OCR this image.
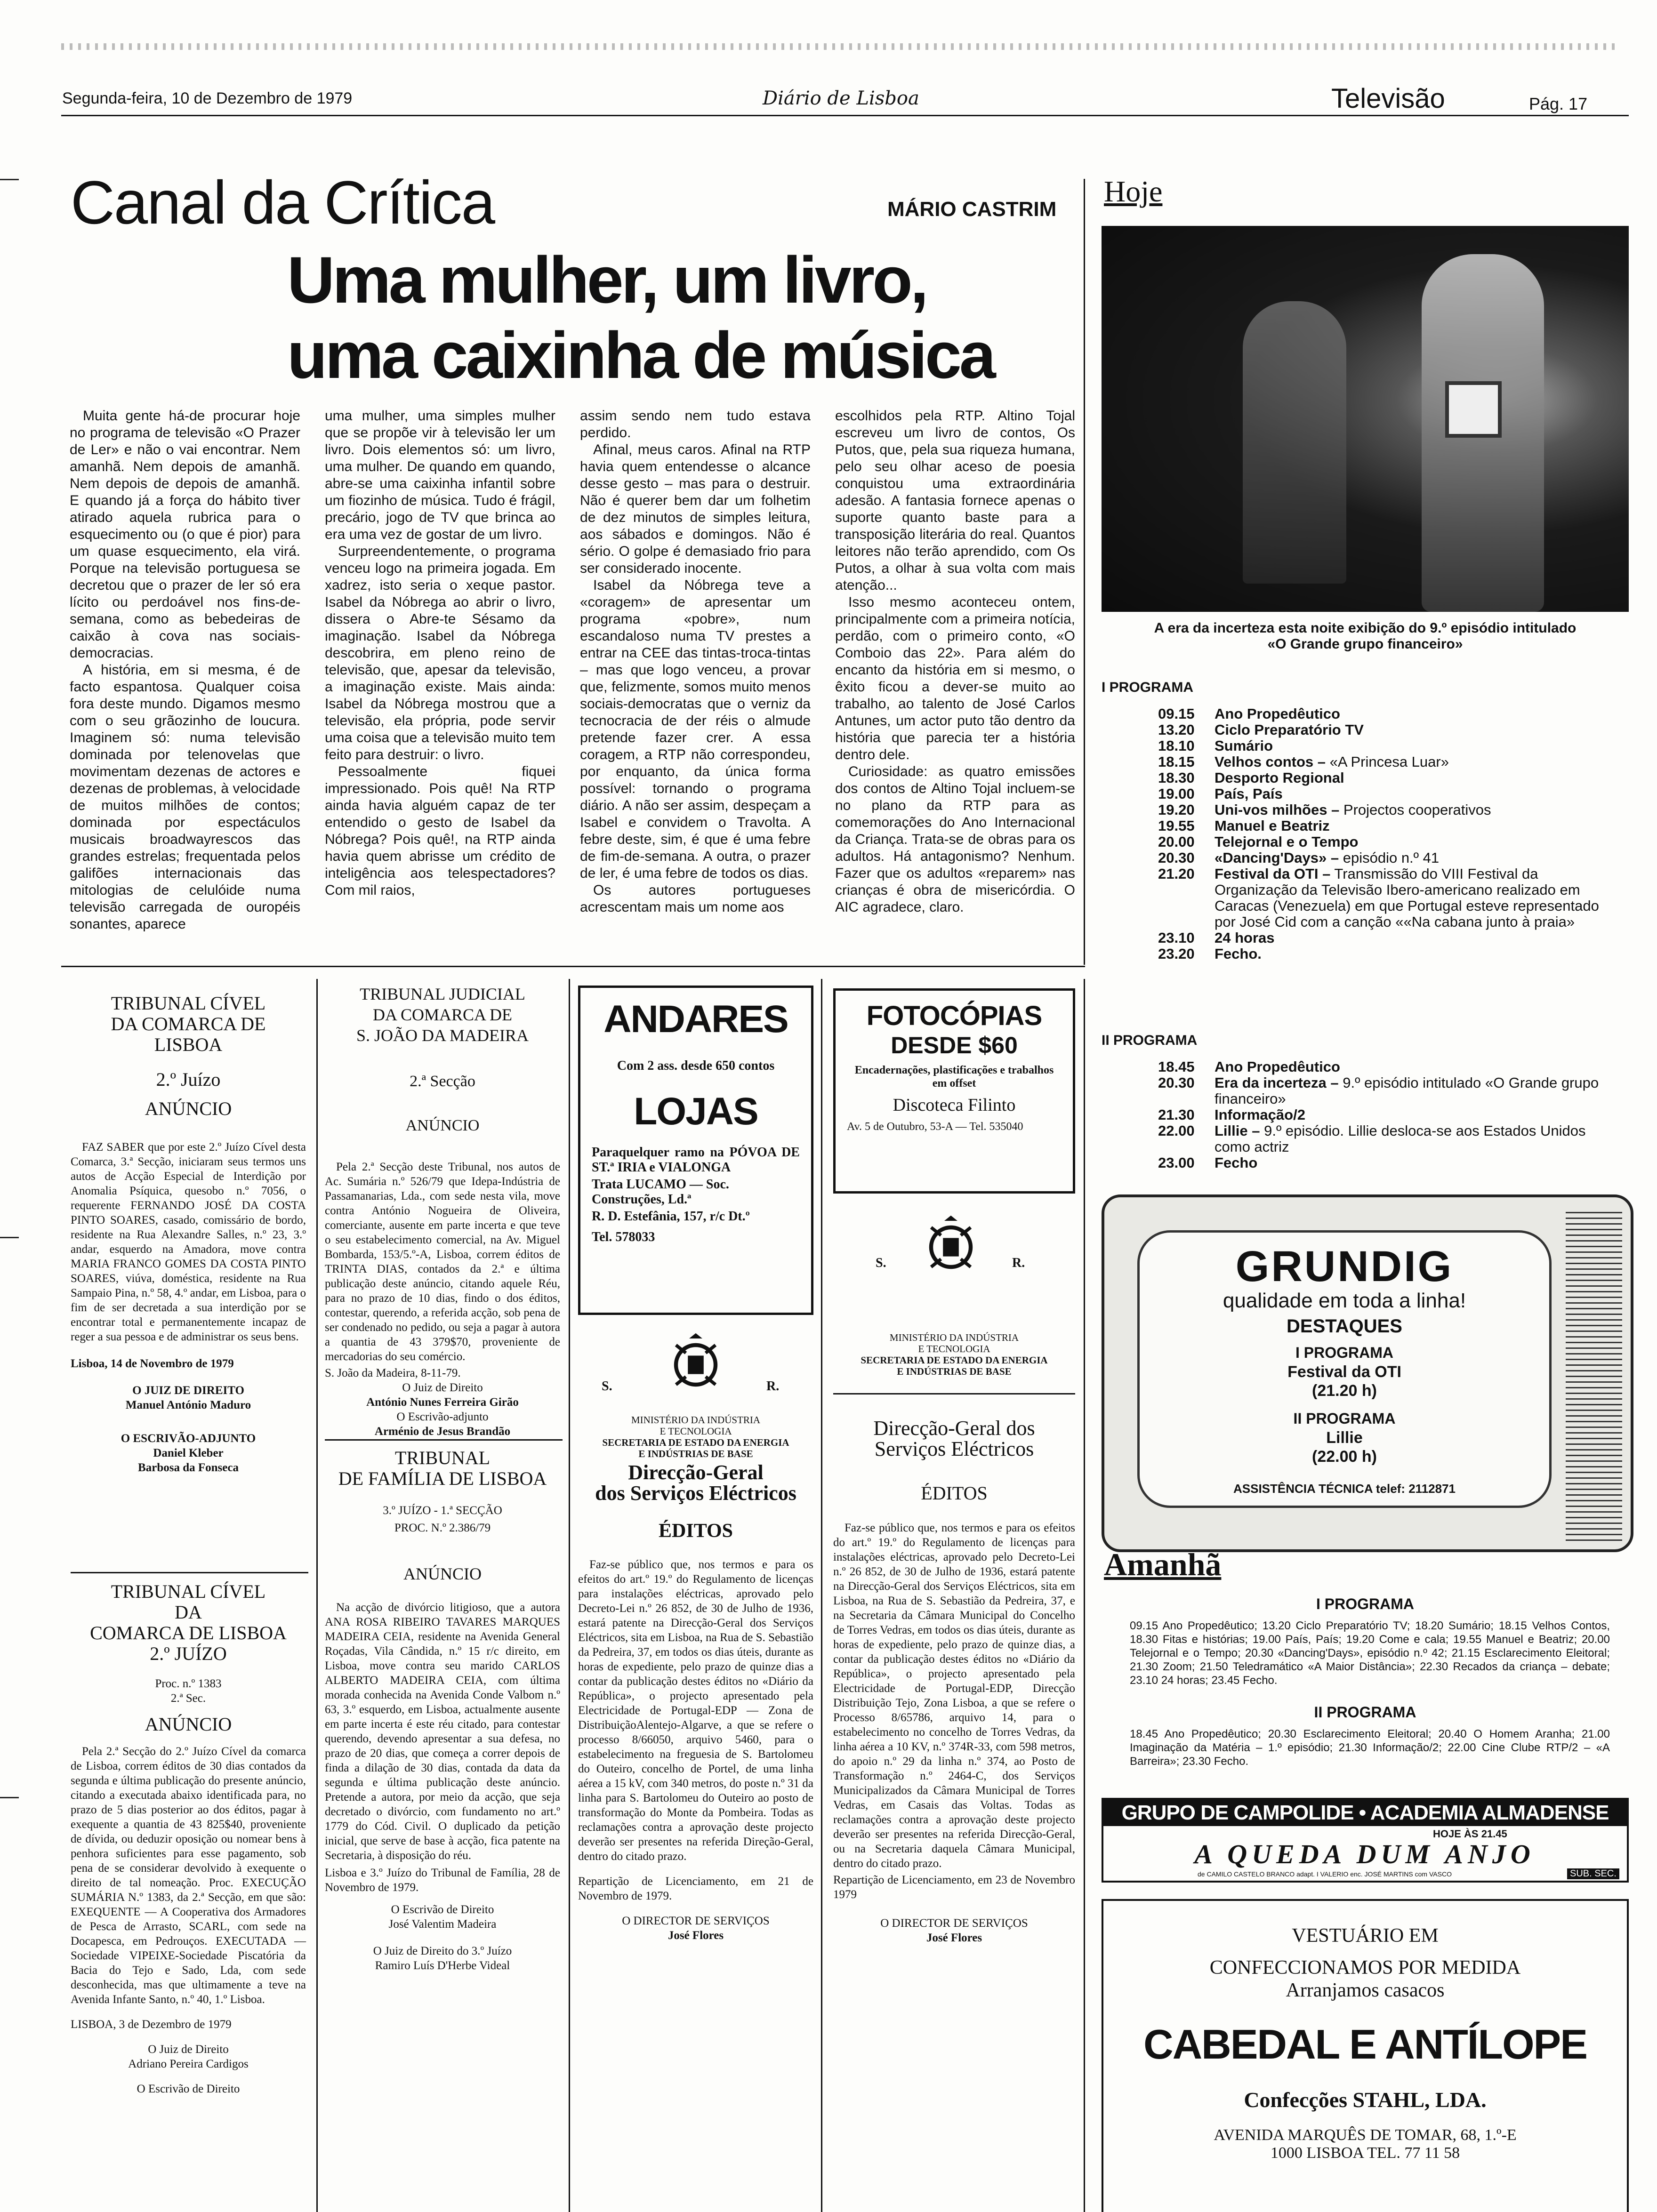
Segunda-feira, 10 de Dezembro de 1979	Diário de Lisboa	Televisão	Pág. 17
Canal da Crítica	MÁRIO CASTRIM
Uma mulher, um livro,
uma caixinha de música

Muita gente há-de procurar hoje no programa de televisão «O Prazer de Ler» e não o vai encontrar. Nem amanhã. Nem depois de amanhã. Nem depois de depois de amanhã. E quando já a força do hábito tiver atirado aquela rubrica para o esquecimento ou (o que é pior) para um quase esquecimento, ela virá. Porque na televisão portuguesa se decretou que o prazer de ler só era lícito ou perdoável nos fins-de-semana, como as bebedeiras de caixão à cova nas sociais-democracias.

A história, em si mesma, é de facto espantosa. Qualquer coisa fora deste mundo. Digamos mesmo com o seu grãozinho de loucura. Imaginem só: numa televisão dominada por telenovelas que movimentam dezenas de actores e dezenas de problemas, à velocidade de muitos milhões de contos; dominada por espectáculos musicais broadwayrescos das grandes estrelas; frequentada pelos galifões internacionais das mitologias de celulóide numa televisão carregada de ouropéis sonantes, aparece

uma mulher, uma simples mulher que se propõe vir à televisão ler um livro. Dois elementos só: um livro, uma mulher. De quando em quando, abre-se uma caixinha infantil sobre um fiozinho de música. Tudo é frágil, precário, jogo de TV que brinca ao era uma vez de gostar de um livro.

Surpreendentemente, o programa venceu logo na primeira jogada. Em xadrez, isto seria o xeque pastor. Isabel da Nóbrega ao abrir o livro, dissera o Abre-te Sésamo da imaginação. Isabel da Nóbrega descobrira, em pleno reino de televisão, que, apesar da televisão, a imaginação existe. Mais ainda: Isabel da Nóbrega mostrou que a televisão, ela própria, pode servir uma coisa que a televisão muito tem feito para destruir: o livro.

Pessoalmente fiquei impressionado. Pois quê! Na RTP ainda havia alguém capaz de ter entendido o gesto de Isabel da Nóbrega? Pois quê!, na RTP ainda havia quem abrisse um crédito de inteligência aos telespectadores? Com mil raios,

assim sendo nem tudo estava perdido.

Afinal, meus caros. Afinal na RTP havia quem entendesse o alcance desse gesto – mas para o destruir. Não é querer bem dar um folhetim de dez minutos de simples leitura, aos sábados e domingos. Não é sério. O golpe é demasiado frio para ser considerado inocente.

Isabel da Nóbrega teve a «coragem» de apresentar um programa «pobre», num escandaloso numa TV prestes a entrar na CEE das tintas-troca-tintas – mas que logo venceu, a provar que, felizmente, somos muito menos sociais-democratas que o verniz da tecnocracia de der réis o almude pretende fazer crer. A essa coragem, a RTP não correspondeu, por enquanto, da única forma possível: tornando o programa diário. A não ser assim, despeçam a Isabel e convidem o Travolta. A febre deste, sim, é que é uma febre de fim-de-semana. A outra, o prazer de ler, é uma febre de todos os dias.

Os autores portugueses acrescentam mais um nome aos

escolhidos pela RTP. Altino Tojal escreveu um livro de contos, Os Putos, que, pela sua riqueza humana, pelo seu olhar aceso de poesia conquistou uma extraordinária adesão. A fantasia fornece apenas o suporte quanto baste para a transposição literária do real. Quantos leitores não terão aprendido, com Os Putos, a olhar à sua volta com mais atenção...

Isso mesmo aconteceu ontem, principalmente com a primeira notícia, perdão, com o primeiro conto, «O Comboio das 22». Para além do encanto da história em si mesmo, o êxito ficou a dever-se muito ao trabalho, ao talento de José Carlos Antunes, um actor puto tão dentro da história que parecia ter a história dentro dele.

Curiosidade: as quatro emissões dos contos de Altino Tojal incluem-se no plano da RTP para as comemorações do Ano Internacional da Criança. Trata-se de obras para os adultos. Há antagonismo? Nenhum. Fazer que os adultos «reparem» nas crianças é obra de misericórdia. O AIC agradece, claro.

Hoje
A era da incerteza esta noite exibição do 9.º episódio intitulado
«O Grande grupo financeiro»
I PROGRAMA
09.15	Ano Propedêutico
13.20	Ciclo Preparatório TV
18.10	Sumário
18.15	Velhos contos – «A Princesa Luar»
18.30	Desporto Regional
19.00	País, País
19.20	Uni-vos milhões – Projectos cooperativos
19.55	Manuel e Beatriz
20.00	Telejornal e o Tempo
20.30	«Dancing'Days» – episódio n.º 41
21.20	Festival da OTI – Transmissão do VIII Festival da Organização da Televisão Ibero-americano realizado em Caracas (Venezuela) em que Portugal esteve representado por José Cid com a canção ««Na cabana junto à praia»
23.10	24 horas
23.20	Fecho.
II PROGRAMA
18.45	Ano Propedêutico
20.30	Era da incerteza – 9.º episódio intitulado «O Grande grupo financeiro»
21.30	Informação/2
22.00	Lillie – 9.º episódio. Lillie desloca-se aos Estados Unidos como actriz
23.00	Fecho
GRUNDIG
qualidade em toda a linha!
DESTAQUES
I PROGRAMA
Festival da OTI
(21.20 h)
II PROGRAMA
Lillie
(22.00 h)
ASSISTÊNCIA TÉCNICA telef: 2112871
Amanhã
I PROGRAMA
09.15 Ano Propedêutico; 13.20 Ciclo Preparatório TV; 18.20 Sumário; 18.15 Velhos Contos, 18.30 Fitas e histórias; 19.00 País, País; 19.20 Come e cala; 19.55 Manuel e Beatriz; 20.00 Telejornal e o Tempo; 20.30 «Dancing'Days», episódio n.º 42; 21.15 Esclarecimento Eleitoral; 21.30 Zoom; 21.50 Teledramático «A Maior Distância»; 22.30 Recados da criança – debate; 23.10 24 horas; 23.45 Fecho.
II PROGRAMA
18.45 Ano Propedêutico; 20.30 Esclarecimento Eleitoral; 20.40 O Homem Aranha; 21.00 Imaginação da Matéria – 1.º episódio; 21.30 Informação/2; 22.00 Cine Clube RTP/2 – «A Barreira»; 23.30 Fecho.
GRUPO DE CAMPOLIDE • ACADEMIA ALMADENSE
HOJE ÀS 21.45
A QUEDA DUM ANJO
de CAMILO CASTELO BRANCO adapt. I VALERIO enc. JOSÉ MARTINS com VASCO	SUB. SEC.
VESTUÁRIO EM
CONFECCIONAMOS POR MEDIDA
Arranjamos casacos
CABEDAL E ANTÍLOPE
Confecções STAHL, LDA.
AVENIDA MARQUÊS DE TOMAR, 68, 1.º-E
1000 LISBOA TEL. 77 11 58
TRIBUNAL CÍVEL
DA COMARCA DE LISBOA
2.º Juízo
ANÚNCIO

FAZ SABER que por este 2.º Juízo Cível desta Comarca, 3.ª Secção, iniciaram seus termos uns autos de Acção Especial de Interdição por Anomalia Psíquica, quesobo n.º 7056, o requerente FERNANDO JOSÉ DA COSTA PINTO SOARES, casado, comissário de bordo, residente na Rua Alexandre Salles, n.º 23, 3.º andar, esquerdo na Amadora, move contra MARIA FRANCO GOMES DA COSTA PINTO SOARES, viúva, doméstica, residente na Rua Sampaio Pina, n.º 58, 4.º andar, em Lisboa, para o fim de ser decretada a sua interdição por se encontrar total e permanentemente incapaz de reger a sua pessoa e de administrar os seus bens.

Lisboa, 14 de Novembro de 1979
O JUIZ DE DIREITO
Manuel António Maduro
O ESCRIVÃO-ADJUNTO
Daniel Kleber
Barbosa da Fonseca
TRIBUNAL CÍVEL
DA
COMARCA DE LISBOA
2.º JUÍZO
Proc. n.º 1383
2.ª Sec.
ANÚNCIO

Pela 2.ª Secção do 2.º Juízo Cível da comarca de Lisboa, correm éditos de 30 dias contados da segunda e última publicação do presente anúncio, citando a executada abaixo identificada para, no prazo de 5 dias posterior ao dos éditos, pagar à exequente a quantia de 43 825$40, proveniente de dívida, ou deduzir oposição ou nomear bens à penhora suficientes para esse pagamento, sob pena de se considerar devolvido à exequente o direito de tal nomeação. Proc. EXECUÇÃO SUMÁRIA N.º 1383, da 2.ª Secção, em que são: EXEQUENTE — A Cooperativa dos Armadores de Pesca de Arrasto, SCARL, com sede na Docapesca, em Pedrouços. EXECUTADA — Sociedade VIPEIXE-Sociedade Piscatória da Bacia do Tejo e Sado, Lda, com sede desconhecida, mas que ultimamente a teve na Avenida Infante Santo, n.º 40, 1.º Lisboa.

LISBOA, 3 de Dezembro de 1979
O Juiz de Direito
Adriano Pereira Cardigos
O Escrivão de Direito
TRIBUNAL JUDICIAL
DA COMARCA DE
S. JOÃO DA MADEIRA
2.ª Secção
ANÚNCIO

Pela 2.ª Secção deste Tribunal, nos autos de Ac. Sumária n.º 526/79 que Idepa-Indústria de Passamanarias, Lda., com sede nesta vila, move contra António Nogueira de Oliveira, comerciante, ausente em parte incerta e que teve o seu estabelecimento comercial, na Av. Miguel Bombarda, 153/5.º-A, Lisboa, correm éditos de TRINTA DIAS, contados da 2.ª e última publicação deste anúncio, citando aquele Réu, para no prazo de 10 dias, findo o dos éditos, contestar, querendo, a referida acção, sob pena de ser condenado no pedido, ou seja a pagar à autora a quantia de 43 379$70, proveniente de mercadorias do seu comércio.

S. João da Madeira, 8-11-79.
O Juiz de Direito
António Nunes Ferreira Girão
O Escrivão-adjunto
Arménio de Jesus Brandão
TRIBUNAL
DE FAMÍLIA DE LISBOA
3.º JUÍZO - 1.ª SECÇÃO
PROC. N.º 2.386/79
ANÚNCIO

Na acção de divórcio litigioso, que a autora ANA ROSA RIBEIRO TAVARES MARQUES MADEIRA CEIA, residente na Avenida General Roçadas, Vila Cândida, n.º 15 r/c direito, em Lisboa, move contra seu marido CARLOS ALBERTO MADEIRA CEIA, com última morada conhecida na Avenida Conde Valbom n.º 63, 3.º esquerdo, em Lisboa, actualmente ausente em parte incerta é este réu citado, para contestar querendo, devendo apresentar a sua defesa, no prazo de 20 dias, que começa a correr depois de finda a dilação de 30 dias, contada da data da segunda e última publicação deste anúncio. Pretende a autora, por meio da acção, que seja decretado o divórcio, com fundamento no art.º 1779 do Cód. Civil. O duplicado da petição inicial, que serve de base à acção, fica patente na Secretaria, à disposição do réu.

Lisboa e 3.º Juízo do Tribunal de Família, 28 de Novembro de 1979.
O Escrivão de Direito
José Valentim Madeira
O Juiz de Direito do 3.º Juízo
Ramiro Luís D'Herbe Videal
ANDARES
Com 2 ass. desde 650 contos
LOJAS
Paraquelquer ramo na PÓVOA DE ST.ª IRIA e VIALONGA
Trata LUCAMO — Soc. Construções, Ld.ª
R. D. Estefânia, 157, r/c Dt.º
Tel. 578033
S.	R.
MINISTÉRIO DA INDÚSTRIA
E TECNOLOGIA
SECRETARIA DE ESTADO DA ENERGIA
E INDÚSTRIAS DE BASE
Direcção-Geral
dos Serviços Eléctricos
ÉDITOS

Faz-se público que, nos termos e para os efeitos do art.º 19.º do Regulamento de licenças para instalações eléctricas, aprovado pelo Decreto-Lei n.º 26 852, de 30 de Julho de 1936, estará patente na Direcção-Geral dos Serviços Eléctricos, sita em Lisboa, na Rua de S. Sebastião da Pedreira, 37, em todos os dias úteis, durante as horas de expediente, pelo prazo de quinze dias a contar da publicação destes éditos no «Diário da República», o projecto apresentado pela Electricidade de Portugal-EDP — Zona de DistribuiçãoAlentejo-Algarve, a que se refere o processo 8/66050, arquivo 5460, para o estabelecimento na freguesia de S. Bartolomeu do Outeiro, concelho de Portel, de uma linha aérea a 15 kV, com 340 metros, do poste n.º 31 da linha para S. Bartolomeu do Outeiro ao posto de transformação do Monte da Pombeira. Todas as reclamações contra a aprovação deste projecto deverão ser presentes na referida Direção-Geral, dentro do citado prazo.

Repartição de Licenciamento, em 21 de Novembro de 1979.
O DIRECTOR DE SERVIÇOS
José Flores
FOTOCÓPIAS
DESDE $60
Encadernações, plastificações e trabalhos em offset
Discoteca Filinto
Av. 5 de Outubro, 53-A — Tel. 535040
S.	R.
MINISTÉRIO DA INDÚSTRIA
E TECNOLOGIA
SECRETARIA DE ESTADO DA ENERGIA
E INDÚSTRIAS DE BASE
Direcção-Geral dos
Serviços Eléctricos
ÉDITOS

Faz-se público que, nos termos e para os efeitos do art.º 19.º do Regulamento de licenças para instalações eléctricas, aprovado pelo Decreto-Lei n.º 26 852, de 30 de Julho de 1936, estará patente na Direcção-Geral dos Serviços Eléctricos, sita em Lisboa, na Rua de S. Sebastião da Pedreira, 37, e na Secretaria da Câmara Municipal do Concelho de Torres Vedras, em todos os dias úteis, durante as horas de expediente, pelo prazo de quinze dias, a contar da publicação destes éditos no «Diário da República», o projecto apresentado pela Electricidade de Portugal-EDP, Direcção Distribuição Tejo, Zona Lisboa, a que se refere o Processo 8/65786, arquivo 14, para o estabelecimento no concelho de Torres Vedras, da linha aérea a 10 KV, n.º 374R-33, com 598 metros, do apoio n.º 29 da linha n.º 374, ao Posto de Transformação n.º 2464-C, dos Serviços Municipalizados da Câmara Municipal de Torres Vedras, em Casais das Voltas. Todas as reclamações contra a aprovação deste projecto deverão ser presentes na referida Direcção-Geral, ou na Secretaria daquela Câmara Municipal, dentro do citado prazo.

Repartição de Licenciamento, em 23 de Novembro 1979
O DIRECTOR DE SERVIÇOS
José Flores
